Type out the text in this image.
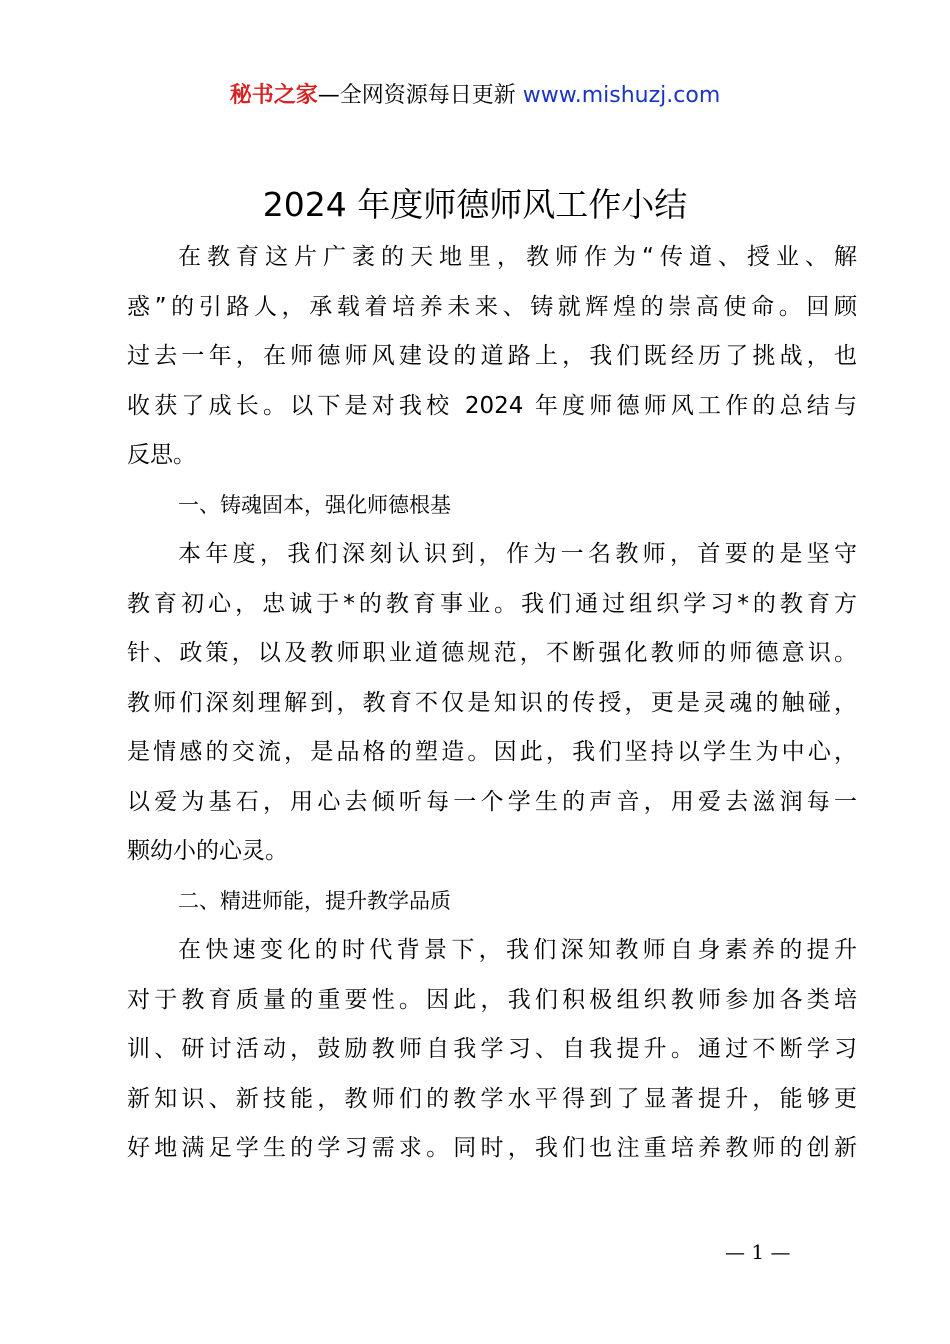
秘书之家—全网资源每日更新 www.mishuzj.com
2024 年度师德师风工作小结
在教育这片广袤的天地里，教师作为“传道、授业、解
惑”的引路人，承载着培养未来、铸就辉煌的崇高使命。回顾
过去一年，在师德师风建设的道路上，我们既经历了挑战，也
收获了成长。以下是对我校 2024 年度师德师风工作的总结与
反思。
一、铸魂固本，强化师德根基
本年度，我们深刻认识到，作为一名教师，首要的是坚守
教育初心，忠诚于*的教育事业。我们通过组织学习*的教育方
针、政策，以及教师职业道德规范，不断强化教师的师德意识。
教师们深刻理解到，教育不仅是知识的传授，更是灵魂的触碰，
是情感的交流，是品格的塑造。因此，我们坚持以学生为中心，
以爱为基石，用心去倾听每一个学生的声音，用爱去滋润每一
颗幼小的心灵。
二、精进师能，提升教学品质
在快速变化的时代背景下，我们深知教师自身素养的提升
对于教育质量的重要性。因此，我们积极组织教师参加各类培
训、研讨活动，鼓励教师自我学习、自我提升。通过不断学习
新知识、新技能，教师们的教学水平得到了显著提升，能够更
好地满足学生的学习需求。同时，我们也注重培养教师的创新
— 1 —
